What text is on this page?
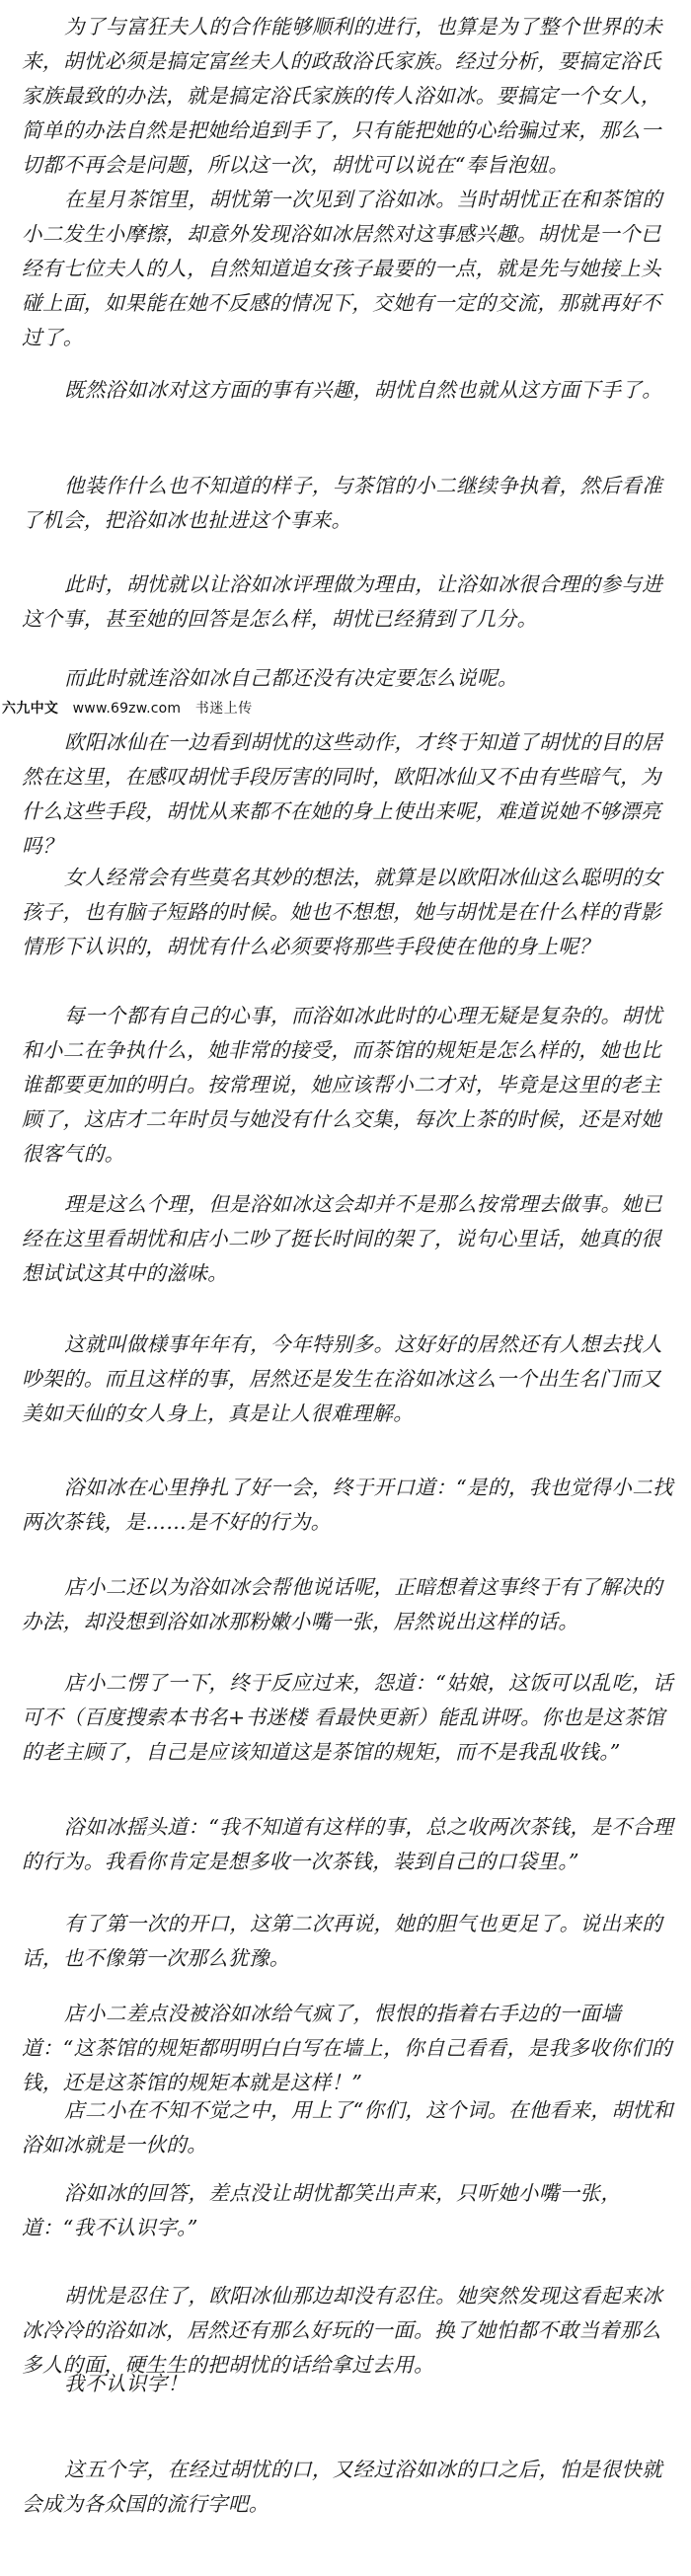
为了与富狂夫人的合作能够顺利的进行，也算是为了整个世界的未来，胡忧必须是搞定富丝夫人的政敌浴氏家族。经过分析，要搞定浴氏家族最致的办法，就是搞定浴氏家族的传人浴如冰。要搞定一个女人，简单的办法自然是把她给追到手了，只有能把她的心给骗过来，那么一切都不再会是问题，所以这一次，胡忧可以说在“奉旨泡妞。

在星月茶馆里，胡忧第一次见到了浴如冰。当时胡忧正在和茶馆的小二发生小摩擦，却意外发现浴如冰居然对这事感兴趣。胡忧是一个已经有七位夫人的人，自然知道追女孩子最要的一点，就是先与她接上头碰上面，如果能在她不反感的情况下，交她有一定的交流，那就再好不过了。

既然浴如冰对这方面的事有兴趣，胡忧自然也就从这方面下手了。

他装作什么也不知道的样子，与茶馆的小二继续争执着，然后看准了机会，把浴如冰也扯进这个事来。

此时，胡忧就以让浴如冰评理做为理由，让浴如冰很合理的参与进这个事，甚至她的回答是怎么样，胡忧已经猜到了几分。

而此时就连浴如冰自己都还没有决定要怎么说呢。

六九中文 www.69zw.com 书迷上传

欧阳冰仙在一边看到胡忧的这些动作，才终于知道了胡忧的目的居然在这里，在感叹胡忧手段厉害的同时，欧阳冰仙又不由有些暗气，为什么这些手段，胡忧从来都不在她的身上使出来呢，难道说她不够漂亮吗？

女人经常会有些莫名其妙的想法，就算是以欧阳冰仙这么聪明的女孩子，也有脑子短路的时候。她也不想想，她与胡忧是在什么样的背影情形下认识的，胡忧有什么必须要将那些手段使在他的身上呢？

每一个都有自己的心事，而浴如冰此时的心理无疑是复杂的。胡忧和小二在争执什么，她非常的接受，而茶馆的规矩是怎么样的，她也比谁都要更加的明白。按常理说，她应该帮小二才对，毕竟是这里的老主顾了，这店才二年时员与她没有什么交集，每次上茶的时候，还是对她很客气的。

理是这么个理，但是浴如冰这会却并不是那么按常理去做事。她已经在这里看胡忧和店小二吵了挺长时间的架了，说句心里话，她真的很想试试这其中的滋味。

这就叫做様事年年有，今年特别多。这好好的居然还有人想去找人吵架的。而且这样的事，居然还是发生在浴如冰这么一个出生名门而又美如天仙的女人身上，真是让人很难理解。

浴如冰在心里挣扎了好一会，终于开口道：“是的，我也觉得小二找两次茶钱，是……是不好的行为。

店小二还以为浴如冰会帮他说话呢，正暗想着这事终于有了解决的办法，却没想到浴如冰那粉嫩小嘴一张，居然说出这样的话。

店小二愣了一下，终于反应过来，怨道：“姑娘，这饭可以乱吃，话可不（百度搜索本书名+书迷楼 看最快更新）能乱讲呀。你也是这茶馆的老主顾了，自己是应该知道这是茶馆的规矩，而不是我乱收钱。”

浴如冰摇头道：“我不知道有这样的事，总之收两次茶钱，是不合理的行为。我看你肯定是想多收一次茶钱，装到自己的口袋里。”

有了第一次的开口，这第二次再说，她的胆气也更足了。说出来的话，也不像第一次那么犹豫。

店小二差点没被浴如冰给气疯了，恨恨的指着右手边的一面墙道：“这茶馆的规矩都明明白白写在墙上，你自己看看，是我多收你们的钱，还是这茶馆的规矩本就是这样！”

店二小在不知不觉之中，用上了“你们，这个词。在他看来，胡忧和浴如冰就是一伙的。

浴如冰的回答，差点没让胡忧都笑出声来，只听她小嘴一张，道：“我不认识字。”

胡忧是忍住了，欧阳冰仙那边却没有忍住。她突然发现这看起来冰冰冷冷的浴如冰，居然还有那么好玩的一面。换了她怕都不敢当着那么多人的面，硬生生的把胡忧的话给拿过去用。

我不认识字！

这五个字，在经过胡忧的口，又经过浴如冰的口之后，怕是很快就会成为各众国的流行字吧。
